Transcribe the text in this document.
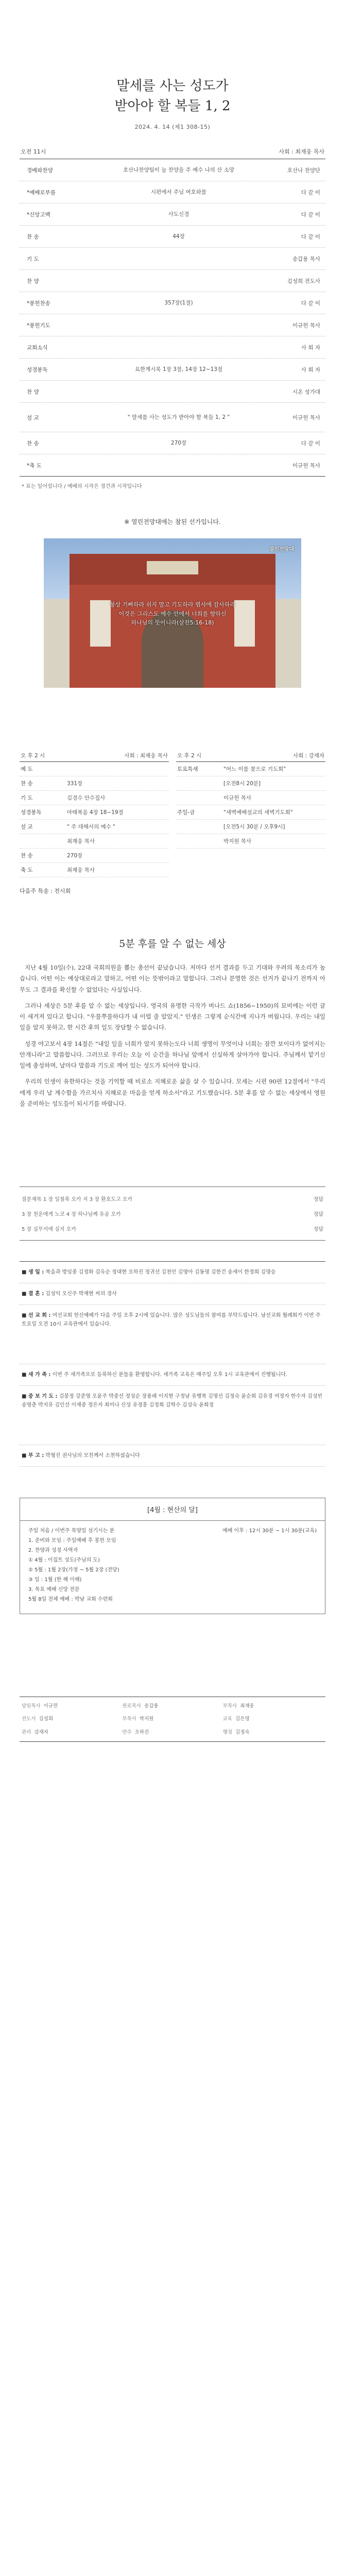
말세를 사는 성도가
받아야 할 복들 1, 2
2024. 4. 14 (제1 308-15)
오전 11시	사회 : 최재웅 목사
경배와찬양	호산나찬양팀이 늘 찬양을 주 예수 나의 산 소망	호산나 찬양단
*예배로부름	시편에서 주님 여호와를	다 같 이
*신앙고백	사도신경	다 같 이
찬 송	44장	다 같 이
기 도	송갑용 목사
찬 양	김성희 전도사
*봉헌찬송	357장(1절)	다 같 이
*봉헌기도	이규헌 목사
교회소식	사 회 자
성경봉독	요한계시록 1장 3절, 14장 12~13절	사 회 자
찬 양	시온 성가대
설 교	" 말세를 사는 성도가 받아야 할 복들 1, 2 "	이규헌 목사
찬 송	270장	다 같 이
*축 도	이규헌 목사
* 표는 일어섭니다 / 예배의 시작은 경건과 시작입니다
※ 열린전망대에는 참된 선가입니다.
열린전망대
항상 기뻐하라 쉬지 말고 기도하라 범사에 감사하라
이것은 그리스도 예수 안에서 너희를 향하신
하나님의 뜻이니라(살전5:16-18)
오 후 2 시	사회 : 최재웅 목사
예 도
찬 송	331장
기 도	김경수 안수집사
성경봉독	마태복음 4장 18~19절
설 교	" 주 대해서의 예수 "
최재웅 목사
찬 송	270장
축 도	최재웅 목사
다음주 특송 : 전시회
오 후 2 시	사회 : 강재자
토요특새	"어느 이를 찾으로 기도회"
[오전8시 20분]
이규헌 목사
주일-금	"새벽예배설교의 새벽기도회"
[오전5시 30분 / 오후9시]
박지원 목사
5분 후를 알 수 없는 세상

지난 4월 10일(수), 22대 국회의원을 뽑는 총선이 끝났습니다. 저마다 선거 결과를 두고 기대와 우려의 목소리가 높습니다. 어떤 이는 예상대로라고 말하고, 어떤 이는 뜻밖이라고 말합니다. 그러나 분명한 것은 선거가 끝나기 전까지 아무도 그 결과를 확신할 수 없었다는 사실입니다.

그러나 세상은 5분 후를 알 수 없는 세상입니다. 영국의 유명한 극작가 버나드 쇼(1856~1950)의 묘비에는 이런 글이 새겨져 있다고 합니다. "우물쭈물하다가 내 이럴 줄 알았지." 인생은 그렇게 순식간에 지나가 버립니다. 우리는 내일 일을 알지 못하고, 한 시간 후의 일도 장담할 수 없습니다.

성경 야고보서 4장 14절은 "내일 일을 너희가 알지 못하는도다 너희 생명이 무엇이냐 너희는 잠깐 보이다가 없어지는 안개니라"고 말씀합니다. 그러므로 우리는 오늘 이 순간을 하나님 앞에서 신실하게 살아가야 합니다. 주님께서 맡기신 일에 충성하며, 날마다 말씀과 기도로 깨어 있는 성도가 되어야 합니다.

우리의 인생이 유한하다는 것을 기억할 때 비로소 지혜로운 삶을 살 수 있습니다. 모세는 시편 90편 12절에서 "우리에게 우리 날 계수함을 가르치사 지혜로운 마음을 얻게 하소서"라고 기도했습니다. 5분 후를 알 수 없는 세상에서 영원을 준비하는 성도들이 되시기를 바랍니다.

질문제목 1 장 일철록 오카 지 3 장 환호도고 오카	정답
3 장 천운에게 노코 4 장 하나님께 유공 오카	정답
5 장 실무서에 실지 오카	정답
■ 생 일 : 복음과 방임종 김정화 김옥순 정대현 오하진 정귀선 김천안 김영아 김동명 김한건 송세이 한정희 김명승
■ 결 혼 : 김성익 오신주 박재현 씨의 경사
■ 선 교 회 : 여선교회 헌신예배가 다음 주일 오후 2시에 있습니다. 많은 성도님들의 참여를 부탁드립니다. 남선교회 월례회가 이번 주 토요일 오전 10시 교육관에서 있습니다.
■ 새 가 족 : 이번 주 새가족으로 등록하신 분들을 환영합니다. 새가족 교육은 매주일 오후 1시 교육관에서 진행됩니다.
■ 중 보 기 도 : 김봉정 강준영 오윤주 박중선 정성순 장용래 이지현 구정남 유행복 김명선 김정숙 윤순희 김유경 여정자 한수자 김성빈 송영춘 박지유 김인선 이재중 정은자 최미나 신성 유정흥 김정희 김학수 김성숙 윤희정
■ 부 고 : 박형진 권사님의 모친께서 소천하셨습니다
[4월 : 현산의 달]
주일 처음 / 이번주 목양일 섬기시는 분	예배 이후 : 12시 30분 ~ 1시 30분(교육)
1. 준비와 모임 : 주일예배 후 봉헌 모임
2. 찬양과 성경 사역자
① 4월 : 이집트 성도(주님의 도)
② 5월 : 1월 2장(가정 ~ 5월 2장 (전당)
③ 일 : 1월 (한 해 이해)
3. 목표 예배 신앙 전문
5월 8일 전체 예배 : 박남 교회 수련회
담임목사 이규헌	원로목사 송갑용	부목사 최재웅
전도사 김성희	부목사 박지원	교육 김은영
관리 강재자	반주 오하진	행정 김정숙
